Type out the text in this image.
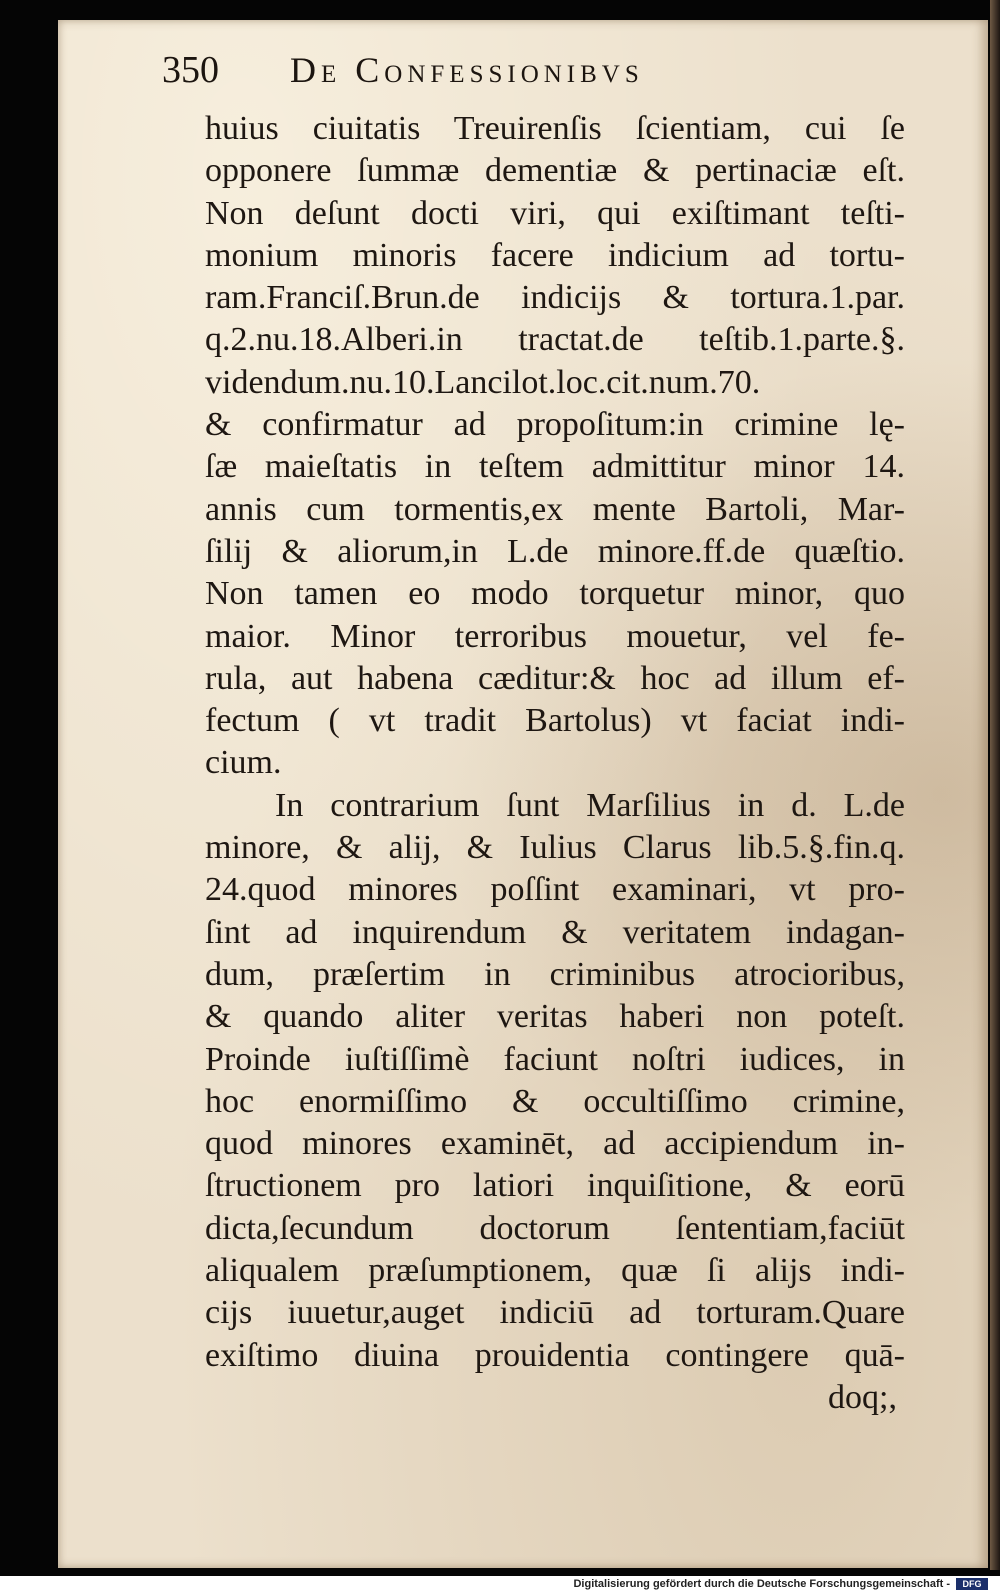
350 De Confessionibvs
huius ciuitatis Treuirenſis ſcientiam, cui ſe
opponere ſummæ dementiæ & pertinaciæ eſt.
Non deſunt docti viri, qui exiſtimant teſti-
monium minoris facere indicium ad tortu-
ram.Franciſ.Brun.de indicijs & tortura.1.par.
q.2.nu.18.Alberi.in tractat.de teſtib.1.parte.§.
videndum.nu.10.Lancilot.loc.cit.num.70.
& confirmatur ad propoſitum:in crimine lę-
ſæ maieſtatis in teſtem admittitur minor 14.
annis cum tormentis,ex mente Bartoli, Mar-
ſilij & aliorum,in L.de minore.ff.de quæſtio.
Non tamen eo modo torquetur minor, quo
maior. Minor terroribus mouetur, vel fe-
rula, aut habena cæditur:& hoc ad illum ef-
fectum ( vt tradit Bartolus) vt faciat indi-
cium.
In contrarium ſunt Marſilius in d. L.de
minore, & alij, & Iulius Clarus lib.5.§.fin.q.
24.quod minores poſſint examinari, vt pro-
ſint ad inquirendum & veritatem indagan-
dum, præſertim in criminibus atrocioribus,
& quando aliter veritas haberi non poteſt.
Proinde iuſtiſſimè faciunt noſtri iudices, in
hoc enormiſſimo & occultiſſimo crimine,
quod minores examinēt, ad accipiendum in-
ſtructionem pro latiori inquiſitione, & eorū
dicta,ſecundum doctorum ſententiam,faciūt
aliqualem præſumptionem, quæ ſi alijs indi-
cijs iuuetur,auget indiciū ad torturam.Quare
exiſtimo diuina prouidentia contingere quā-
doq;,
Digitalisierung gefördert durch die Deutsche Forschungsgemeinschaft -	DFG
